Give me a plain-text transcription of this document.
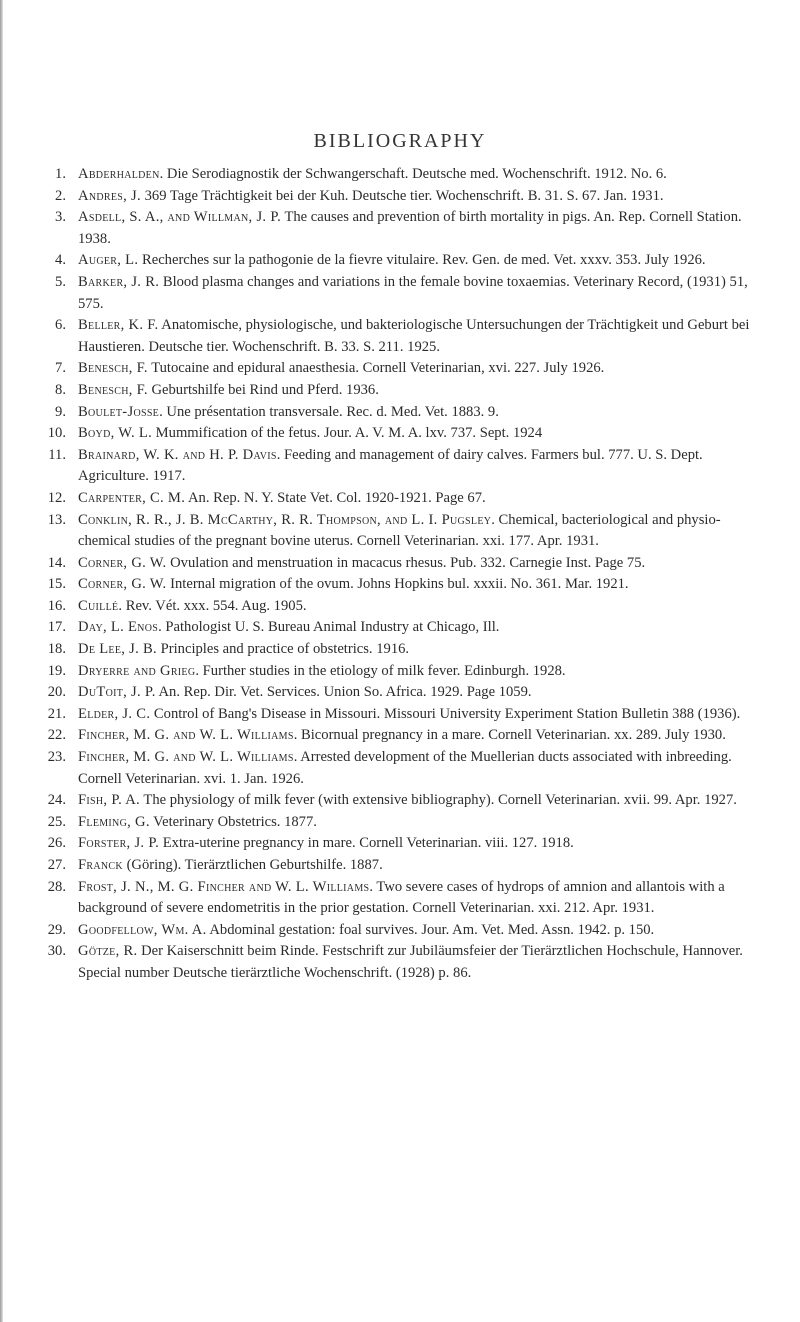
BIBLIOGRAPHY
1. Abderhalden. Die Serodiagnostik der Schwangerschaft. Deutsche med. Wochenschrift. 1912. No. 6.
2. Andres, J. 369 Tage Trächtigkeit bei der Kuh. Deutsche tier. Wochenschrift. B. 31. S. 67. Jan. 1931.
3. Asdell, S. A., and Willman, J. P. The causes and prevention of birth mortality in pigs. An. Rep. Cornell Station. 1938.
4. Auger, L. Recherches sur la pathogonie de la fievre vitulaire. Rev. Gen. de med. Vet. xxxv. 353. July 1926.
5. Barker, J. R. Blood plasma changes and variations in the female bovine toxaemias. Veterinary Record, (1931) 51, 575.
6. Beller, K. F. Anatomische, physiologische, und bakteriologische Untersuchungen der Trächtigkeit und Geburt bei Haustieren. Deutsche tier. Wochenschrift. B. 33. S. 211. 1925.
7. Benesch, F. Tutocaine and epidural anaesthesia. Cornell Veterinarian, xvi. 227. July 1926.
8. Benesch, F. Geburtshilfe bei Rind und Pferd. 1936.
9. Boulet-Josse. Une présentation transversale. Rec. d. Med. Vet. 1883. 9.
10. Boyd, W. L. Mummification of the fetus. Jour. A. V. M. A. lxv. 737. Sept. 1924
11. Brainard, W. K. and H. P. Davis. Feeding and management of dairy calves. Farmers bul. 777. U. S. Dept. Agriculture. 1917.
12. Carpenter, C. M. An. Rep. N. Y. State Vet. Col. 1920-1921. Page 67.
13. Conklin, R. R., J. B. McCarthy, R. R. Thompson, and L. I. Pugsley. Chemical, bacteriological and physio-chemical studies of the pregnant bovine uterus. Cornell Veterinarian. xxi. 177. Apr. 1931.
14. Corner, G. W. Ovulation and menstruation in macacus rhesus. Pub. 332. Carnegie Inst. Page 75.
15. Corner, G. W. Internal migration of the ovum. Johns Hopkins bul. xxxii. No. 361. Mar. 1921.
16. Cuillé. Rev. Vét. xxx. 554. Aug. 1905.
17. Day, L. Enos. Pathologist U. S. Bureau Animal Industry at Chicago, Ill.
18. De Lee, J. B. Principles and practice of obstetrics. 1916.
19. Dryerre and Grieg. Further studies in the etiology of milk fever. Edinburgh. 1928.
20. DuToit, J. P. An. Rep. Dir. Vet. Services. Union So. Africa. 1929. Page 1059.
21. Elder, J. C. Control of Bang's Disease in Missouri. Missouri University Experiment Station Bulletin 388 (1936).
22. Fincher, M. G. and W. L. Williams. Bicornual pregnancy in a mare. Cornell Veterinarian. xx. 289. July 1930.
23. Fincher, M. G. and W. L. Williams. Arrested development of the Muellerian ducts associated with inbreeding. Cornell Veterinarian. xvi. 1. Jan. 1926.
24. Fish, P. A. The physiology of milk fever (with extensive bibliography). Cornell Veterinarian. xvii. 99. Apr. 1927.
25. Fleming, G. Veterinary Obstetrics. 1877.
26. Forster, J. P. Extra-uterine pregnancy in mare. Cornell Veterinarian. viii. 127. 1918.
27. Franck (Göring). Tierärztlichen Geburtshilfe. 1887.
28. Frost, J. N., M. G. Fincher and W. L. Williams. Two severe cases of hydrops of amnion and allantois with a background of severe endometritis in the prior gestation. Cornell Veterinarian. xxi. 212. Apr. 1931.
29. Goodfellow, Wm. A. Abdominal gestation: foal survives. Jour. Am. Vet. Med. Assn. 1942. p. 150.
30. Götze, R. Der Kaiserschnitt beim Rinde. Festschrift zur Jubiläumsfeier der Tierärztlichen Hochschule, Hannover. Special number Deutsche tierärztliche Wochenschrift. (1928) p. 86.
